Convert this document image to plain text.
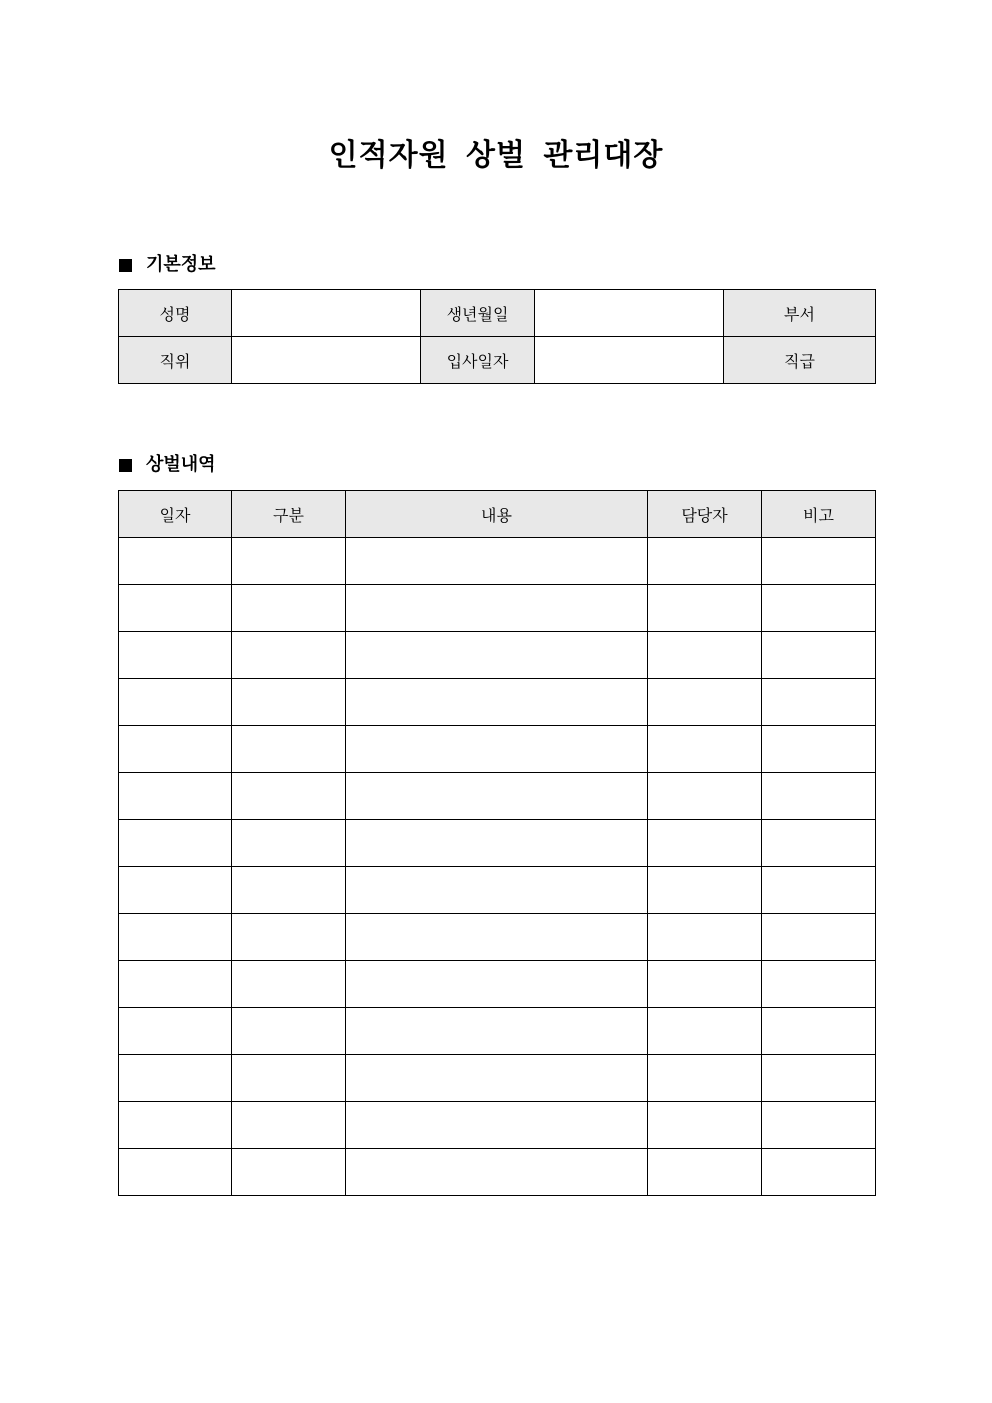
인적자원 상벌 관리대장
기본정보
성명		생년월일		부서
직위		입사일자		직급
상벌내역
일자	구분	내용	담당자	비고
